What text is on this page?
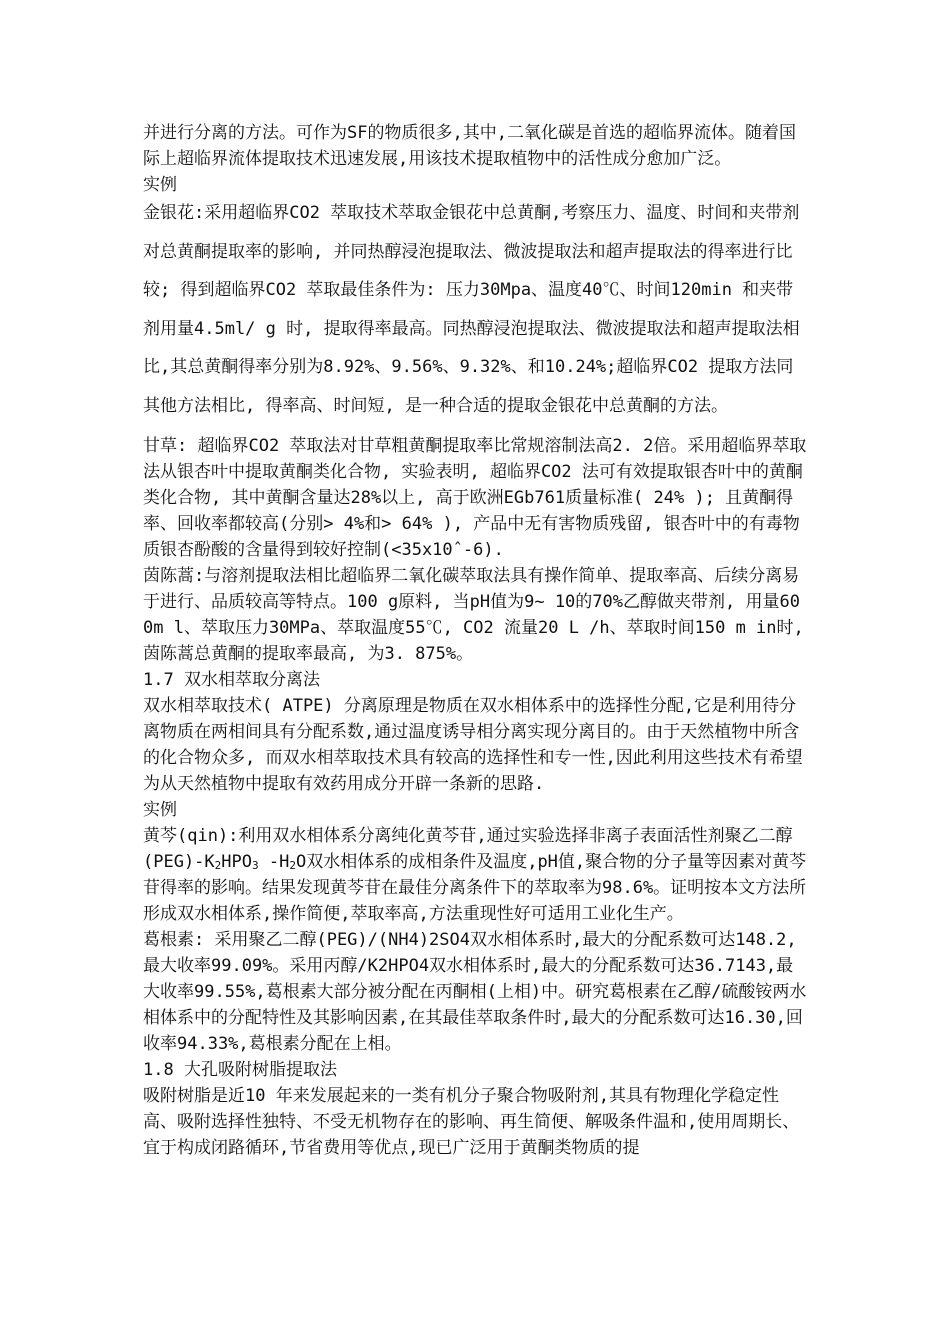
并进行分离的方法。可作为SF的物质很多,其中,二氧化碳是首选的超临界流体。随着国际上超临界流体提取技术迅速发展,用该技术提取植物中的活性成分愈加广泛。

实例

金银花:采用超临界CO2 萃取技术萃取金银花中总黄酮,考察压力、温度、时间和夹带剂对总黄酮提取率的影响, 并同热醇浸泡提取法、微波提取法和超声提取法的得率进行比较; 得到超临界CO2 萃取最佳条件为: 压力30Mpa、温度40℃、时间120min 和夹带剂用量4.5ml/ g 时, 提取得率最高。同热醇浸泡提取法、微波提取法和超声提取法相比,其总黄酮得率分别为8.92%、9.56%、9.32%、和10.24%;超临界CO2 提取方法同其他方法相比, 得率高、时间短, 是一种合适的提取金银花中总黄酮的方法。

甘草: 超临界CO2 萃取法对甘草粗黄酮提取率比常规溶制法高2. 2倍。采用超临界萃取法从银杏叶中提取黄酮类化合物, 实验表明, 超临界CO2 法可有效提取银杏叶中的黄酮类化合物, 其中黄酮含量达28%以上, 高于欧洲EGb761质量标准( 24% ); 且黄酮得率、回收率都较高(分别> 4%和> 64% ), 产品中无有害物质残留, 银杏叶中的有毒物质银杏酚酸的含量得到较好控制(<35x10ˆ-6).

茵陈蒿:与溶剂提取法相比超临界二氧化碳萃取法具有操作简单、提取率高、后续分离易于进行、品质较高等特点。100 g原料, 当pH值为9~ 10的70%乙醇做夹带剂, 用量600m l、萃取压力30MPa、萃取温度55℃, CO2 流量20 L /h、萃取时间150 m in时, 茵陈蒿总黄酮的提取率最高, 为3. 875%。

1.7 双水相萃取分离法

双水相萃取技术( ATPE) 分离原理是物质在双水相体系中的选择性分配,它是利用待分离物质在两相间具有分配系数,通过温度诱导相分离实现分离目的。由于天然植物中所含的化合物众多, 而双水相萃取技术具有较高的选择性和专一性,因此利用这些技术有希望为从天然植物中提取有效药用成分开辟一条新的思路.

实例

黄芩(qin):利用双水相体系分离纯化黄芩苷,通过实验选择非离子表面活性剂聚乙二醇$(PEG)-K_2HPO_3$ $-H_2O$双水相体系的成相条件及温度,pH值,聚合物的分子量等因素对黄芩苷得率的影响。结果发现黄芩苷在最佳分离条件下的萃取率为98.6%。证明按本文方法所形成双水相体系,操作简便,萃取率高,方法重现性好可适用工业化生产。

葛根素: 采用聚乙二醇(PEG)/(NH4)2SO4双水相体系时,最大的分配系数可达148.2,最大收率99.09%。采用丙醇/K2HPO4双水相体系时,最大的分配系数可达36.7143,最大收率99.55%,葛根素大部分被分配在丙酮相(上相)中。研究葛根素在乙醇/硫酸铵两水相体系中的分配特性及其影响因素,在其最佳萃取条件时,最大的分配系数可达16.30,回收率94.33%,葛根素分配在上相。

1.8 大孔吸附树脂提取法

吸附树脂是近10 年来发展起来的一类有机分子聚合物吸附剂,其具有物理化学稳定性高、吸附选择性独特、不受无机物存在的影响、再生简便、解吸条件温和,使用周期长、宜于构成闭路循环,节省费用等优点,现已广泛用于黄酮类物质的提
